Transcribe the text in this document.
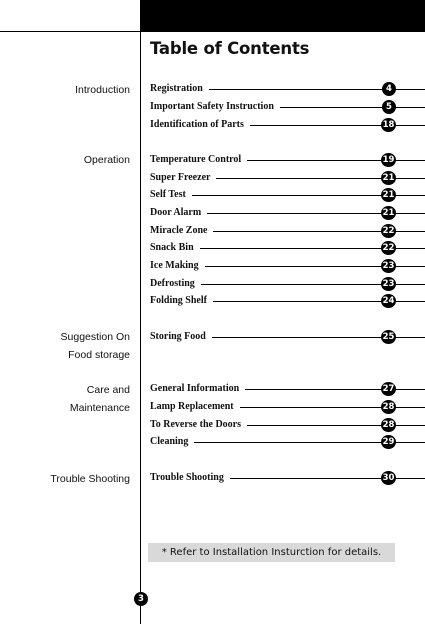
Table of Contents
Introduction
Operation
Suggestion On
Food storage
Care and
Maintenance
Trouble Shooting
Registration	4
Important Safety Instruction	5
Identification of Parts	18
Temperature Control	19
Super Freezer	21
Self Test	21
Door Alarm	21
Miracle Zone	22
Snack Bin	22
Ice Making	23
Defrosting	23
Folding Shelf	24
Storing Food	25
General Information	27
Lamp Replacement	28
To Reverse the Doors	28
Cleaning	29
Trouble Shooting	30
* Refer to Installation Insturction for details.
3
